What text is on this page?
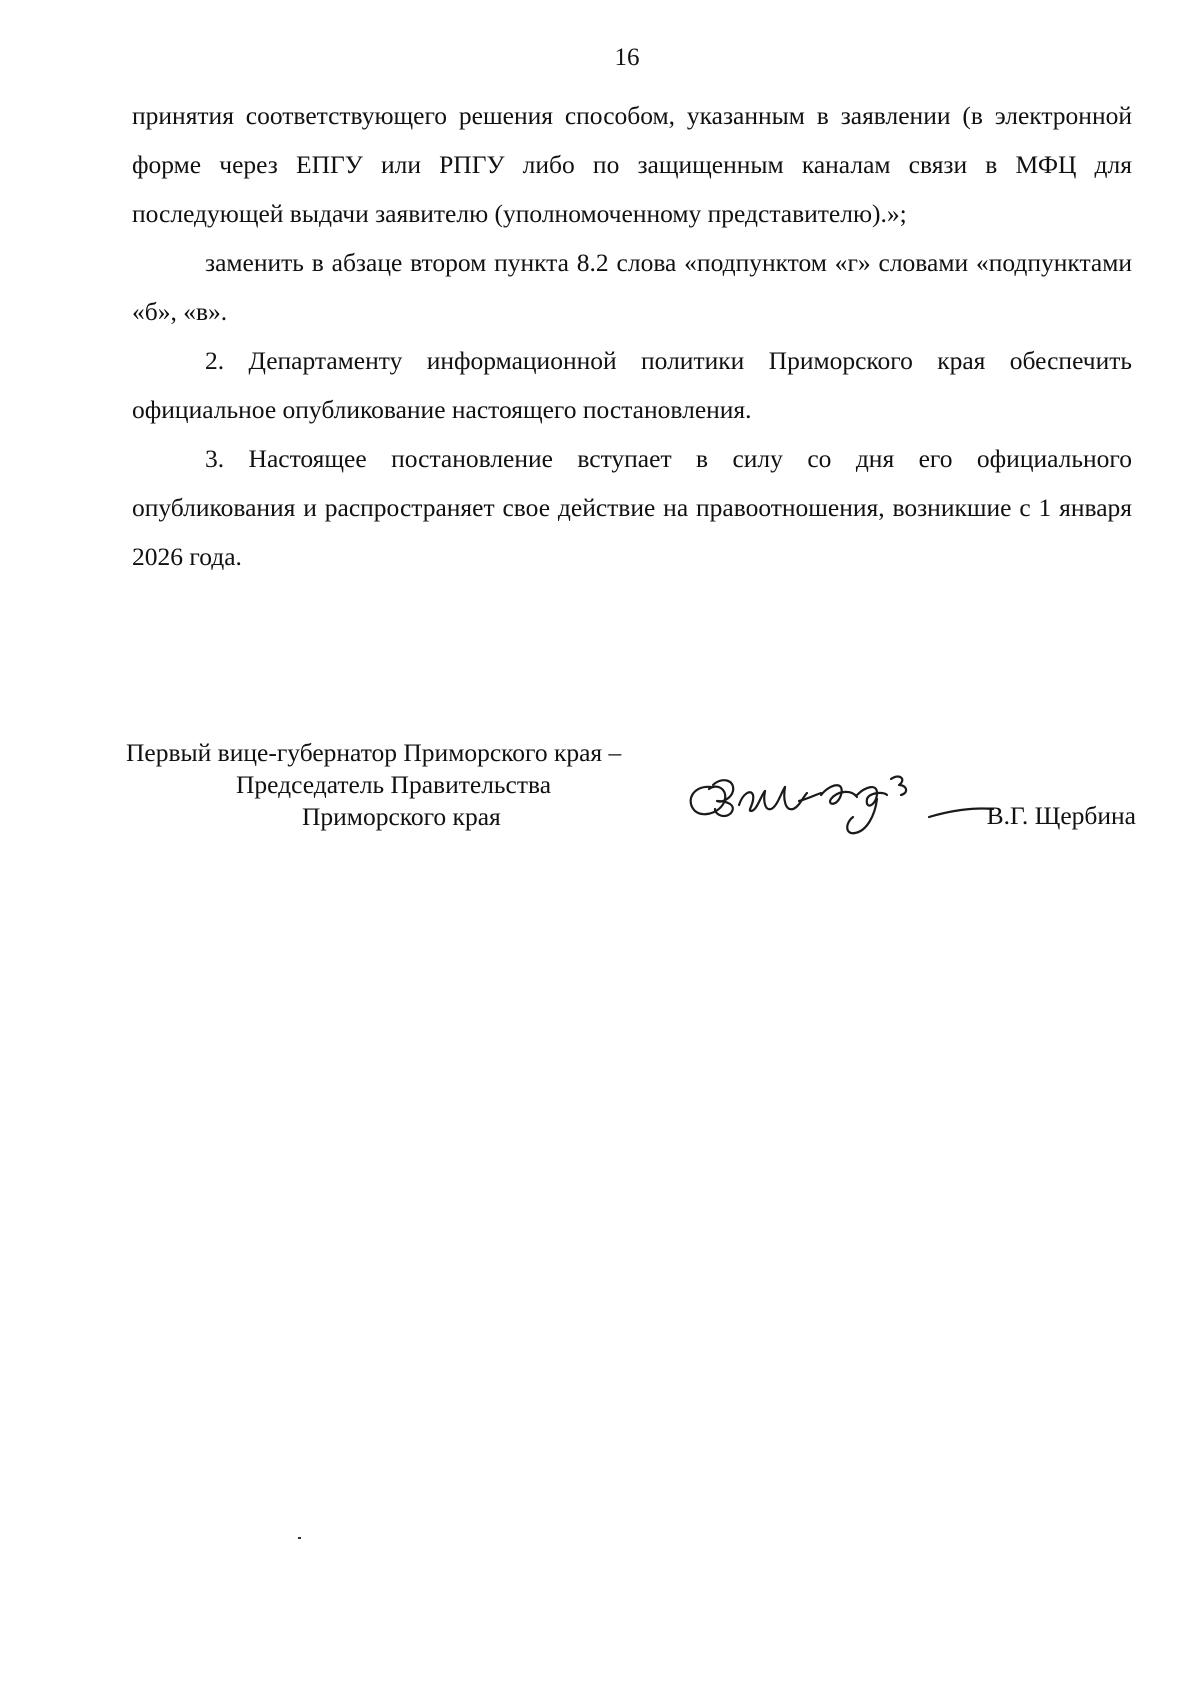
16

принятия соответствующего решения способом, указанным в заявлении (в электронной форме через ЕПГУ или РПГУ либо по защищенным каналам связи в МФЦ для последующей выдачи заявителю (уполномоченному представителю).»;

заменить в абзаце втором пункта 8.2 слова «подпунктом «г» словами «подпунктами «б», «в».

2. Департаменту информационной политики Приморского края обеспечить официальное опубликование настоящего постановления.

3. Настоящее постановление вступает в силу со дня его официального опубликования и распространяет свое действие на правоотношения, возникшие с 1 января 2026 года.

Первый вице-губернатор Приморского края –
Председатель Правительства
Приморского края	В.Г. Щербина
